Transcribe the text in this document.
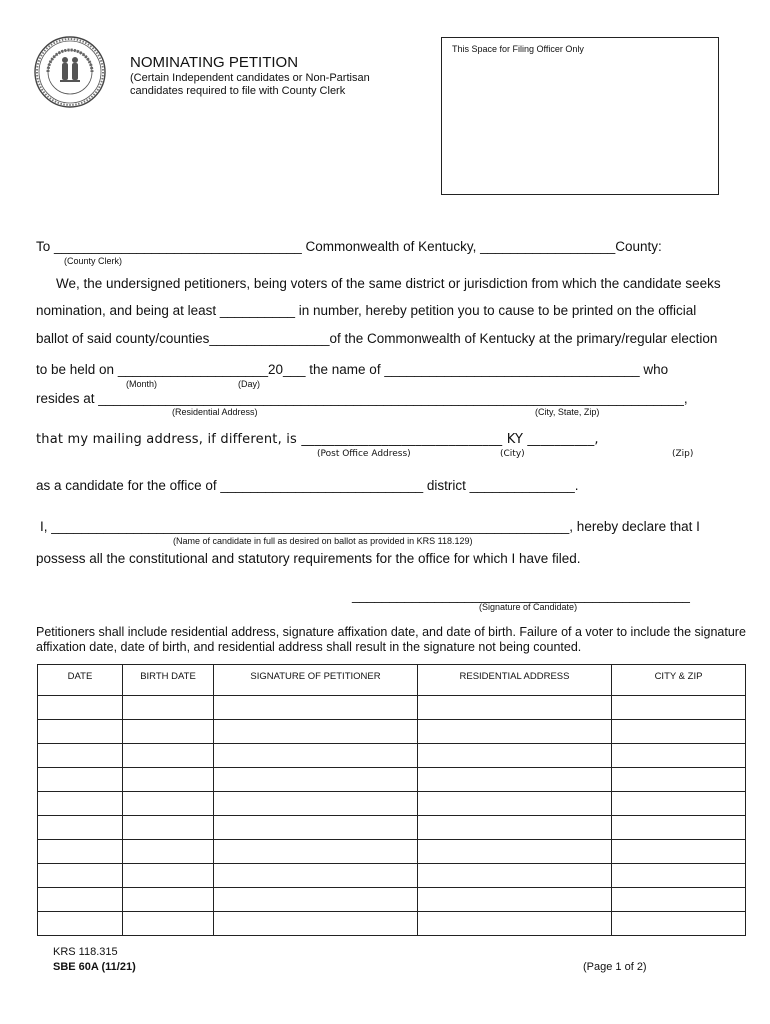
NOMINATING PETITION
(Certain Independent candidates or Non-Partisan candidates required to file with County Clerk
This Space for Filing Officer Only
To _________________________________ Commonwealth of Kentucky, __________________County:
(County Clerk)
We, the undersigned petitioners, being voters of the same district or jurisdiction from which the candidate seeks
nomination, and being at least __________ in number, hereby petition you to cause to be printed on the official
ballot of said county/counties________________of the Commonwealth of Kentucky at the primary/regular election
to be held on ____________________20___ the name of __________________________________ who
(Month)	(Day)
resides at ______________________________________________________________________________,
(Residential Address)	(City, State, Zip)
that my mailing address, if different, is ______________________________ KY __________,
(Post Office Address)	(City)	(Zip)
as a candidate for the office of ___________________________ district ______________.
I, _____________________________________________________________________, hereby declare that I
(Name of candidate in full as desired on ballot as provided in KRS 118.129)
possess all the constitutional and statutory requirements for the office for which I have filed.
_____________________________________________
(Signature of Candidate)
Petitioners shall include residential address, signature affixation date, and date of birth. Failure of a voter to include the signature affixation date, date of birth, and residential address shall result in the signature not being counted.
DATE	BIRTH DATE	SIGNATURE OF PETITIONER	RESIDENTIAL ADDRESS	CITY & ZIP

KRS 118.315
SBE 60A (11/21)	(Page 1 of 2)
